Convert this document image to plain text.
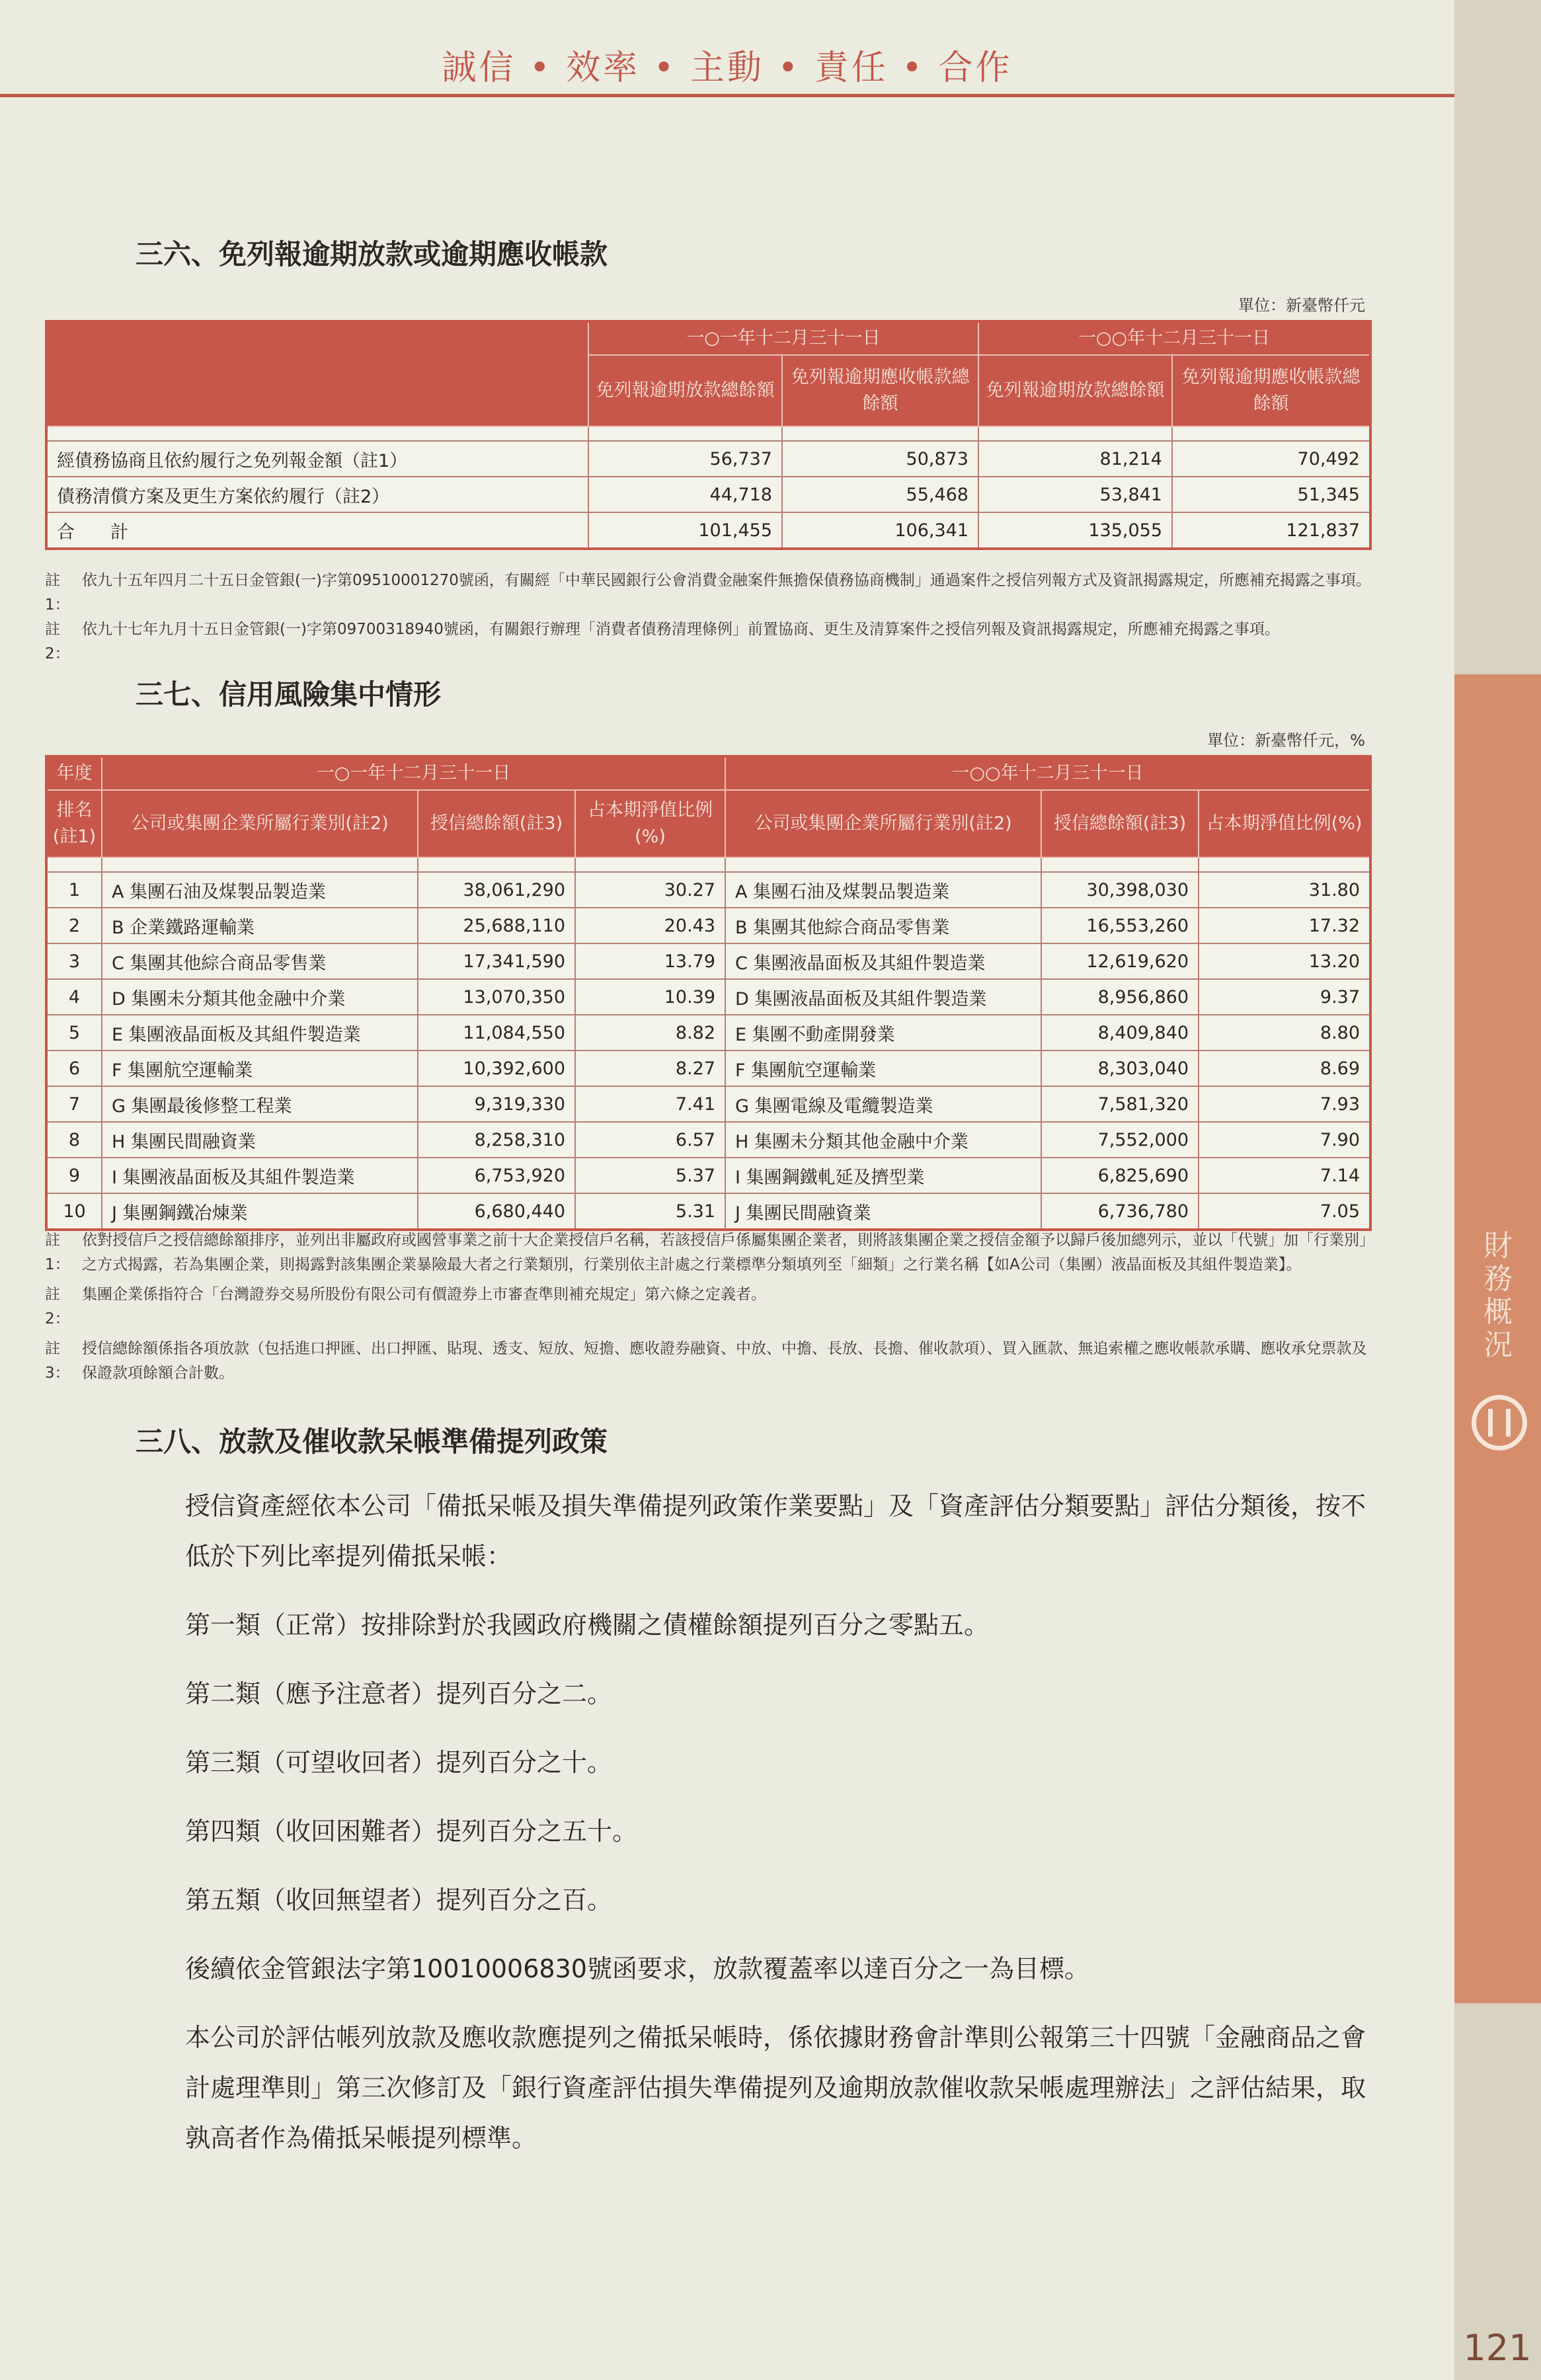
誠信 • 效率 • 主動 • 責任 • 合作
財
務
概
況
121
三六、免列報逾期放款或逾期應收帳款
單位：新臺幣仟元
	一○一年十二月三十一日		一○○年十二月三十一日	
	免列報逾期放款總餘額	免列報逾期應收帳款總餘額	免列報逾期放款總餘額	免列報逾期應收帳款總餘額

經債務協商且依約履行之免列報金額（註1）	56,737	50,873	81,214	70,492
債務清償方案及更生方案依約履行（註2）	44,718	55,468	53,841	51,345
合　　計	101,455	106,341	135,055	121,837
註1：
依九十五年四月二十五日金管銀(一)字第09510001270號函，有關經「中華民國銀行公會消費金融案件無擔保債務協商機制」通過案件之授信列報方式及資訊揭露規定，所應補充揭露之事項。
註2：
依九十七年九月十五日金管銀(一)字第09700318940號函，有關銀行辦理「消費者債務清理條例」前置協商、更生及清算案件之授信列報及資訊揭露規定，所應補充揭露之事項。
三七、信用風險集中情形
單位：新臺幣仟元，%
年度	一○一年十二月三十一日			一○○年十二月三十一日		
排名(註1)	公司或集團企業所屬行業別(註2)	授信總餘額(註3)	占本期淨值比例(%)	公司或集團企業所屬行業別(註2)	授信總餘額(註3)	占本期淨值比例(%)

1	A 集團石油及煤製品製造業	38,061,290	30.27	A 集團石油及煤製品製造業	30,398,030	31.80
2	B 企業鐵路運輸業	25,688,110	20.43	B 集團其他綜合商品零售業	16,553,260	17.32
3	C 集團其他綜合商品零售業	17,341,590	13.79	C 集團液晶面板及其組件製造業	12,619,620	13.20
4	D 集團未分類其他金融中介業	13,070,350	10.39	D 集團液晶面板及其組件製造業	8,956,860	9.37
5	E 集團液晶面板及其組件製造業	11,084,550	8.82	E 集團不動產開發業	8,409,840	8.80
6	F 集團航空運輸業	10,392,600	8.27	F 集團航空運輸業	8,303,040	8.69
7	G 集團最後修整工程業	9,319,330	7.41	G 集團電線及電纜製造業	7,581,320	7.93
8	H 集團民間融資業	8,258,310	6.57	H 集團未分類其他金融中介業	7,552,000	7.90
9	I 集團液晶面板及其組件製造業	6,753,920	5.37	I 集團鋼鐵軋延及擠型業	6,825,690	7.14
10	J 集團鋼鐵冶煉業	6,680,440	5.31	J 集團民間融資業	6,736,780	7.05
註1：
依對授信戶之授信總餘額排序，並列出非屬政府或國營事業之前十大企業授信戶名稱，若該授信戶係屬集團企業者，則將該集團企業之授信金額予以歸戶後加總列示，並以「代號」加「行業別」之方式揭露，若為集團企業，則揭露對該集團企業暴險最大者之行業類別，行業別依主計處之行業標準分類填列至「細類」之行業名稱【如A公司（集團）液晶面板及其組件製造業】。
註2：
集團企業係指符合「台灣證券交易所股份有限公司有價證券上市審查準則補充規定」第六條之定義者。
註3：
授信總餘額係指各項放款（包括進口押匯、出口押匯、貼現、透支、短放、短擔、應收證券融資、中放、中擔、長放、長擔、催收款項）、買入匯款、無追索權之應收帳款承購、應收承兌票款及保證款項餘額合計數。
三八、放款及催收款呆帳準備提列政策

授信資產經依本公司「備抵呆帳及損失準備提列政策作業要點」及「資產評估分類要點」評估分類後，按不低於下列比率提列備抵呆帳：

第一類（正常）按排除對於我國政府機關之債權餘額提列百分之零點五。

第二類（應予注意者）提列百分之二。

第三類（可望收回者）提列百分之十。

第四類（收回困難者）提列百分之五十。

第五類（收回無望者）提列百分之百。

後續依金管銀法字第10010006830號函要求，放款覆蓋率以達百分之一為目標。

本公司於評估帳列放款及應收款應提列之備抵呆帳時，係依據財務會計準則公報第三十四號「金融商品之會計處理準則」第三次修訂及「銀行資產評估損失準備提列及逾期放款催收款呆帳處理辦法」之評估結果，取孰高者作為備抵呆帳提列標準。
